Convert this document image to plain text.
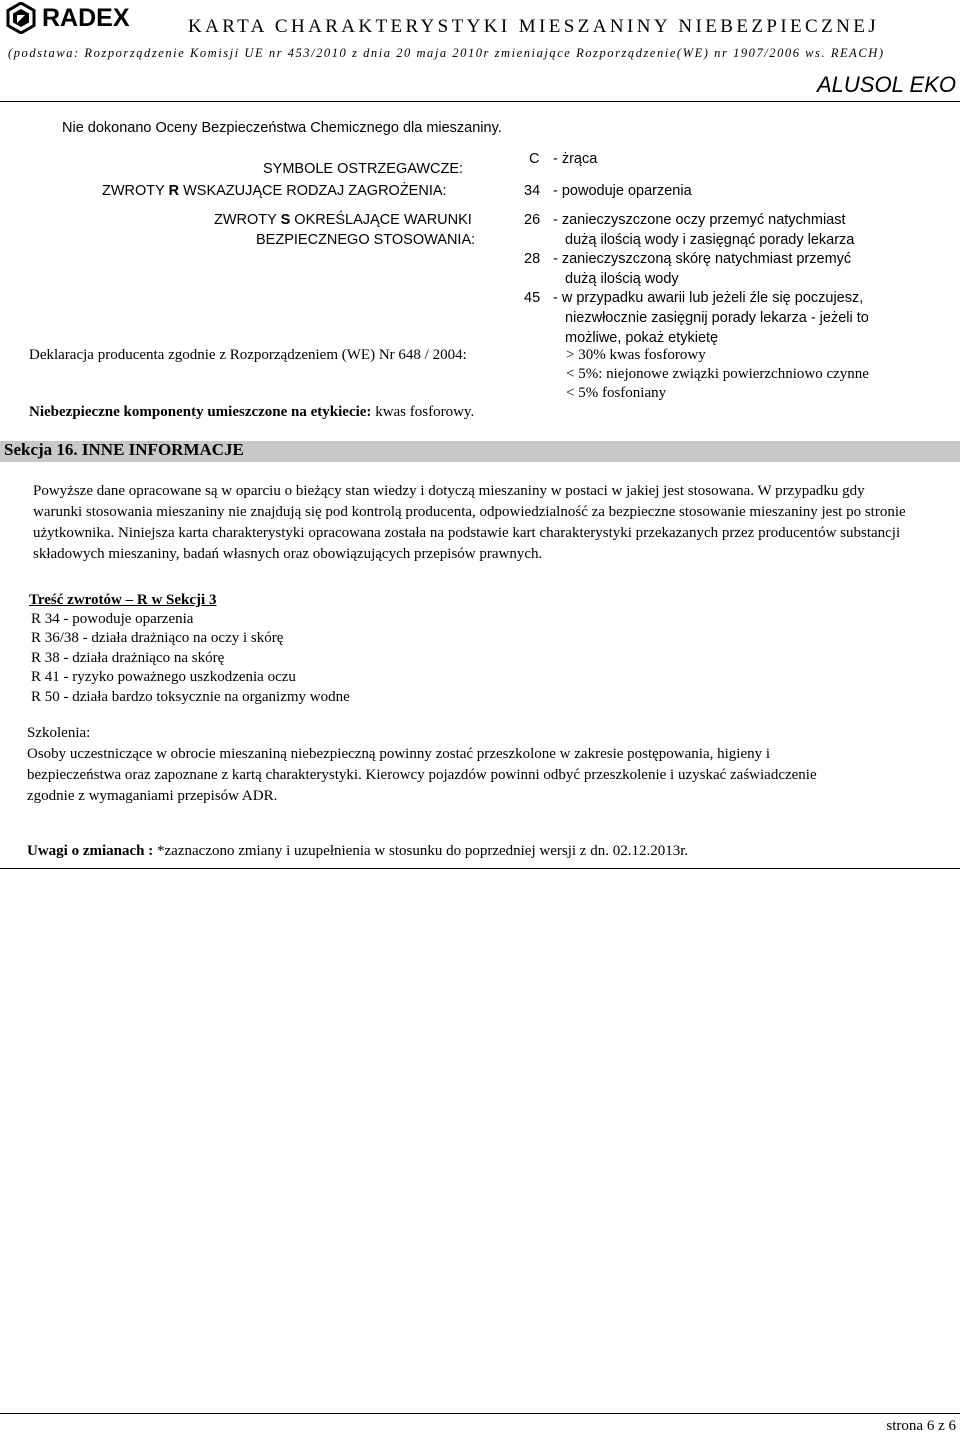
RADEX	KARTA CHARAKTERYSTYKI MIESZANINY NIEBEZPIECZNEJ
(podstawa: Rozporządzenie Komisji UE nr 453/2010 z dnia 20 maja 2010r zmieniające Rozporządzenie(WE) nr 1907/2006 ws. REACH)
ALUSOL EKO
Nie dokonano Oceny Bezpieczeństwa Chemicznego dla mieszaniny.
SYMBOLE OSTRZEGAWCZE:
C - żrąca
ZWROTY R WSKAZUJĄCE RODZAJ ZAGROŻENIA:	34 - powoduje oparzenia
ZWROTY S OKREŚLAJĄCE WARUNKI
BEZPIECZNEGO STOSOWANIA:
26 - zanieczyszczone oczy przemyć natychmiast
dużą ilością wody i zasięgnąć porady lekarza
28 - zanieczyszczoną skórę natychmiast przemyć
dużą ilością wody
45 - w przypadku awarii lub jeżeli źle się poczujesz,
niezwłocznie zasięgnij porady lekarza - jeżeli to
możliwe, pokaż etykietę
Deklaracja producenta zgodnie z Rozporządzeniem (WE) Nr 648 / 2004:	> 30% kwas fosforowy
< 5%: niejonowe związki powierzchniowo czynne
< 5% fosfoniany
Niebezpieczne komponenty umieszczone na etykiecie: kwas fosforowy.
Sekcja 16. INNE INFORMACJE
Powyższe dane opracowane są w oparciu o bieżący stan wiedzy i dotyczą mieszaniny w postaci w jakiej jest stosowana. W przypadku gdy warunki stosowania mieszaniny nie znajdują się pod kontrolą producenta, odpowiedzialność za bezpieczne stosowanie mieszaniny jest po stronie użytkownika. Niniejsza karta charakterystyki opracowana została na podstawie kart charakterystyki przekazanych przez producentów substancji składowych mieszaniny, badań własnych oraz obowiązujących przepisów prawnych.
Treść zwrotów – R w Sekcji 3
R 34 - powoduje oparzenia
R 36/38 - działa drażniąco na oczy i skórę
R 38 - działa drażniąco na skórę
R 41 - ryzyko poważnego uszkodzenia oczu
R 50 - działa bardzo toksycznie na organizmy wodne
Szkolenia:
Osoby uczestniczące w obrocie mieszaniną niebezpieczną powinny zostać przeszkolone w zakresie postępowania, higieny i bezpieczeństwa oraz zapoznane z kartą charakterystyki. Kierowcy pojazdów powinni odbyć przeszkolenie i uzyskać zaświadczenie zgodnie z wymaganiami przepisów ADR.
Uwagi o zmianach : *zaznaczono zmiany i uzupełnienia w stosunku do poprzedniej wersji z dn. 02.12.2013r.
strona 6 z 6
